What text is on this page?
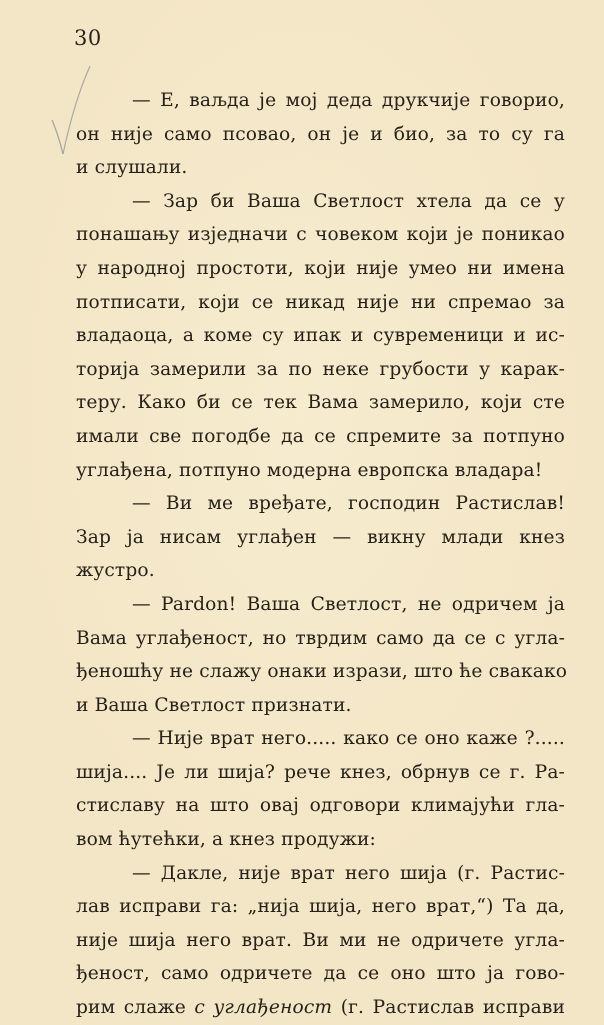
30
— Е, ваљда је мој деда друкчије говорио,
он није само псовао, он је и био, за то су га
и слушали.
— Зар би Ваша Светлост хтела да се у
понашању изједначи с човеком који је поникао
у народној простоти, који није умео ни имена
потписати, који се никад није ни спремао за
владаоца, а коме су ипак и сувременици и ис-
торија замерили за по неке грубости у карак-
теру. Како би се тек Вама замерило, који сте
имали све погодбе да се спремите за потпуно
углађена, потпуно модерна европска владара!
— Ви ме вређате, господин Растислав!
Зар ја нисам углађен — викну млади кнез
жустро.
— Pardon! Ваша Светлост, не одричем ја
Вама углађеност, но тврдим само да се с угла-
ђеношћу не слажу онаки изрази, што ће свакако
и Ваша Светлост признати.
— Није врат него..... како се оно каже ?.....
шија.... Је ли шија? рече кнез, обрнув се г. Ра-
стиславу на што овај одговори климајући гла-
вом ћутећки, а кнез продужи:
— Дакле, није врат него шија (г. Растис-
лав исправи га: „ниjа шија, него врат,“) Та да,
није шија него врат. Ви ми не одричете угла-
ђеност, само одричете да се оно што ја гово-
рим слаже с углађеност (г. Растислав исправи
